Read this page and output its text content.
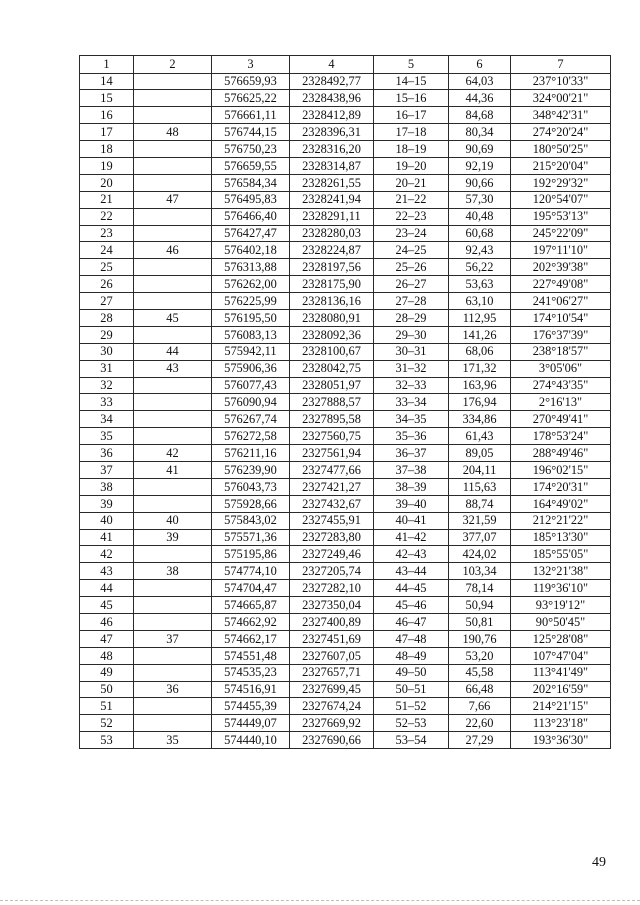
1	2	3	4	5	6	7
14		576659,93	2328492,77	14–15	64,03	237°10'33"
15		576625,22	2328438,96	15–16	44,36	324°00'21"
16		576661,11	2328412,89	16–17	84,68	348°42'31"
17	48	576744,15	2328396,31	17–18	80,34	274°20'24"
18		576750,23	2328316,20	18–19	90,69	180°50'25"
19		576659,55	2328314,87	19–20	92,19	215°20'04"
20		576584,34	2328261,55	20–21	90,66	192°29'32"
21	47	576495,83	2328241,94	21–22	57,30	120°54'07"
22		576466,40	2328291,11	22–23	40,48	195°53'13"
23		576427,47	2328280,03	23–24	60,68	245°22'09"
24	46	576402,18	2328224,87	24–25	92,43	197°11'10"
25		576313,88	2328197,56	25–26	56,22	202°39'38"
26		576262,00	2328175,90	26–27	53,63	227°49'08"
27		576225,99	2328136,16	27–28	63,10	241°06'27"
28	45	576195,50	2328080,91	28–29	112,95	174°10'54"
29		576083,13	2328092,36	29–30	141,26	176°37'39"
30	44	575942,11	2328100,67	30–31	68,06	238°18'57"
31	43	575906,36	2328042,75	31–32	171,32	3°05'06"
32		576077,43	2328051,97	32–33	163,96	274°43'35"
33		576090,94	2327888,57	33–34	176,94	2°16'13"
34		576267,74	2327895,58	34–35	334,86	270°49'41"
35		576272,58	2327560,75	35–36	61,43	178°53'24"
36	42	576211,16	2327561,94	36–37	89,05	288°49'46"
37	41	576239,90	2327477,66	37–38	204,11	196°02'15"
38		576043,73	2327421,27	38–39	115,63	174°20'31"
39		575928,66	2327432,67	39–40	88,74	164°49'02"
40	40	575843,02	2327455,91	40–41	321,59	212°21'22"
41	39	575571,36	2327283,80	41–42	377,07	185°13'30"
42		575195,86	2327249,46	42–43	424,02	185°55'05"
43	38	574774,10	2327205,74	43–44	103,34	132°21'38"
44		574704,47	2327282,10	44–45	78,14	119°36'10"
45		574665,87	2327350,04	45–46	50,94	93°19'12"
46		574662,92	2327400,89	46–47	50,81	90°50'45"
47	37	574662,17	2327451,69	47–48	190,76	125°28'08"
48		574551,48	2327607,05	48–49	53,20	107°47'04"
49		574535,23	2327657,71	49–50	45,58	113°41'49"
50	36	574516,91	2327699,45	50–51	66,48	202°16'59"
51		574455,39	2327674,24	51–52	7,66	214°21'15"
52		574449,07	2327669,92	52–53	22,60	113°23'18"
53	35	574440,10	2327690,66	53–54	27,29	193°36'30"
49
